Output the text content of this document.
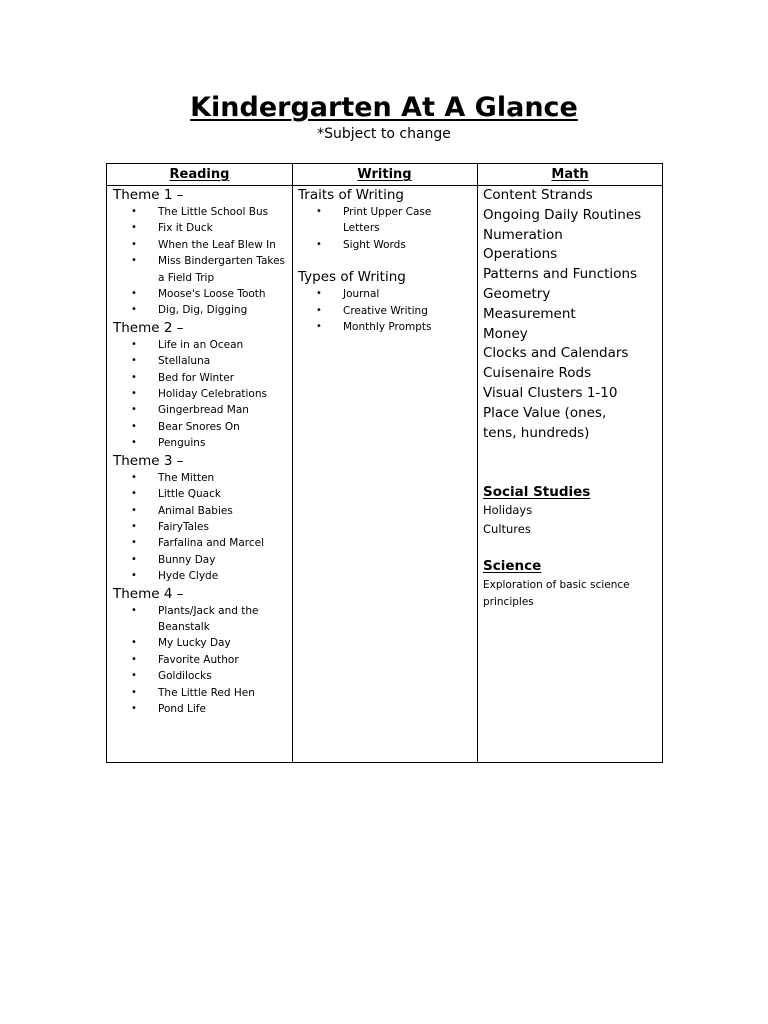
Kindergarten At A Glance
*Subject to change
Reading	Writing	Math
Theme 1 –
• The Little School Bus
• Fix it Duck
• When the Leaf Blew In
• Miss Bindergarten Takes a Field Trip
• Moose's Loose Tooth
• Dig, Dig, Digging
Theme 2 –
• Life in an Ocean
• Stellaluna
• Bed for Winter
• Holiday Celebrations
• Gingerbread Man
• Bear Snores On
• Penguins
Theme 3 –
• The Mitten
• Little Quack
• Animal Babies
• FairyTales
• Farfalina and Marcel
• Bunny Day
• Hyde Clyde
Theme 4 –
• Plants/Jack and the Beanstalk
• My Lucky Day
• Favorite Author
• Goldilocks
• The Little Red Hen
• Pond Life
Traits of Writing
• Print Upper Case Letters
• Sight Words
Types of Writing
• Journal
• Creative Writing
• Monthly Prompts
Content Strands
Ongoing Daily Routines
Numeration
Operations
Patterns and Functions
Geometry
Measurement
Money
Clocks and Calendars
Cuisenaire Rods
Visual Clusters 1-10
Place Value (ones, tens, hundreds)
Social Studies
Holidays
Cultures
Science
Exploration of basic science principles
